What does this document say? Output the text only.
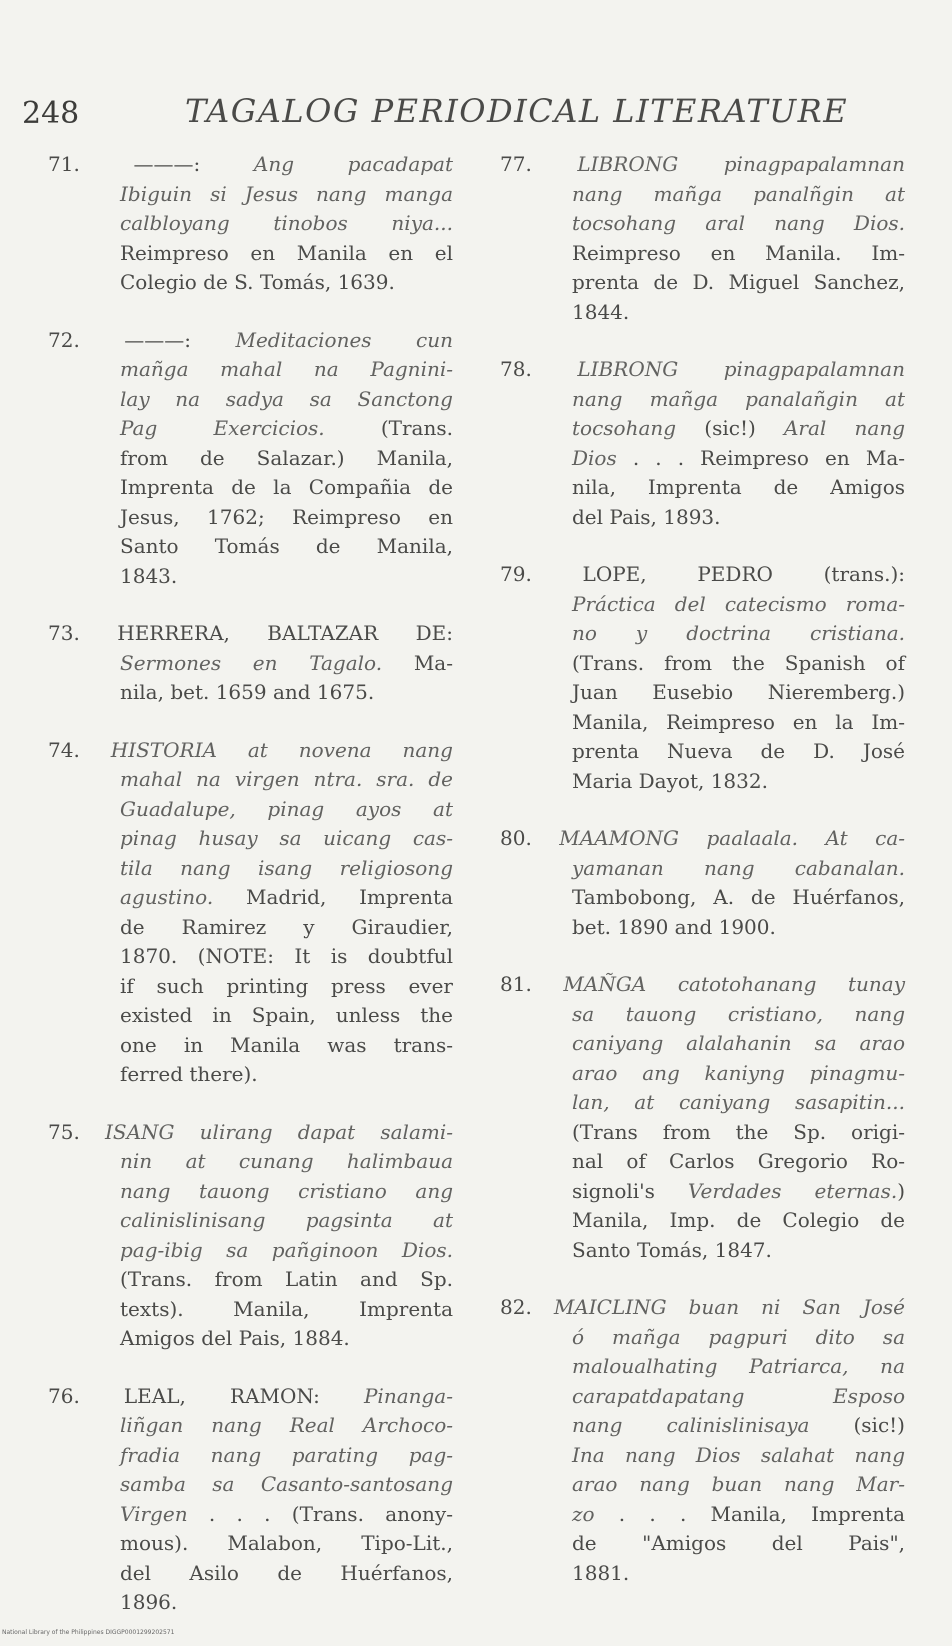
248	TAGALOG PERIODICAL LITERATURE
71. ———: Ang pacadapat
Ibiguin si Jesus nang manga
calbloyang tinobos niya...
Reimpreso en Manila en el
Colegio de S. Tomás, 1639.
72. ———: Meditaciones cun
mañga mahal na Pagnini-
lay na sadya sa Sanctong
Pag Exercicios. (Trans.
from de Salazar.) Manila,
Imprenta de la Compañia de
Jesus, 1762; Reimpreso en
Santo Tomás de Manila,
1843.
73. HERRERA, BALTAZAR DE:
Sermones en Tagalo. Ma-
nila, bet. 1659 and 1675.
74. HISTORIA at novena nang
mahal na virgen ntra. sra. de
Guadalupe, pinag ayos at
pinag husay sa uicang cas-
tila nang isang religiosong
agustino. Madrid, Imprenta
de Ramirez y Giraudier,
1870. (NOTE: It is doubtful
if such printing press ever
existed in Spain, unless the
one in Manila was trans-
ferred there).
75. ISANG ulirang dapat salami-
nin at cunang halimbaua
nang tauong cristiano ang
calinislinisang pagsinta at
pag-ibig sa pañginoon Dios.
(Trans. from Latin and Sp.
texts). Manila, Imprenta
Amigos del Pais, 1884.
76. LEAL, RAMON: Pinanga-
liñgan nang Real Archoco-
fradia nang parating pag-
samba sa Casanto-santosang
Virgen . . . (Trans. anony-
mous). Malabon, Tipo-Lit.,
del Asilo de Huérfanos,
1896.
77. LIBRONG pinagpapalamnan
nang mañga panalñgin at
tocsohang aral nang Dios.
Reimpreso en Manila. Im-
prenta de D. Miguel Sanchez,
1844.
78. LIBRONG pinagpapalamnan
nang mañga panalañgin at
tocsohang (sic!) Aral nang
Dios . . . Reimpreso en Ma-
nila, Imprenta de Amigos
del Pais, 1893.
79. LOPE, PEDRO (trans.):
Práctica del catecismo roma-
no y doctrina cristiana.
(Trans. from the Spanish of
Juan Eusebio Nieremberg.)
Manila, Reimpreso en la Im-
prenta Nueva de D. José
Maria Dayot, 1832.
80. MAAMONG paalaala. At ca-
yamanan nang cabanalan.
Tambobong, A. de Huérfanos,
bet. 1890 and 1900.
81. MAÑGA catotohanang tunay
sa tauong cristiano, nang
caniyang alalahanin sa arao
arao ang kaniyng pinagmu-
lan, at caniyang sasapitin...
(Trans from the Sp. origi-
nal of Carlos Gregorio Ro-
signoli's Verdades eternas.)
Manila, Imp. de Colegio de
Santo Tomás, 1847.
82. MAICLING buan ni San José
ó mañga pagpuri dito sa
maloualhating Patriarca, na
carapatdapatang Esposo
nang calinislinisaya (sic!)
Ina nang Dios salahat nang
arao nang buan nang Mar-
zo . . . Manila, Imprenta
de "Amigos del Pais",
1881.
National Library of the Philippines DIGGP0001299202571
